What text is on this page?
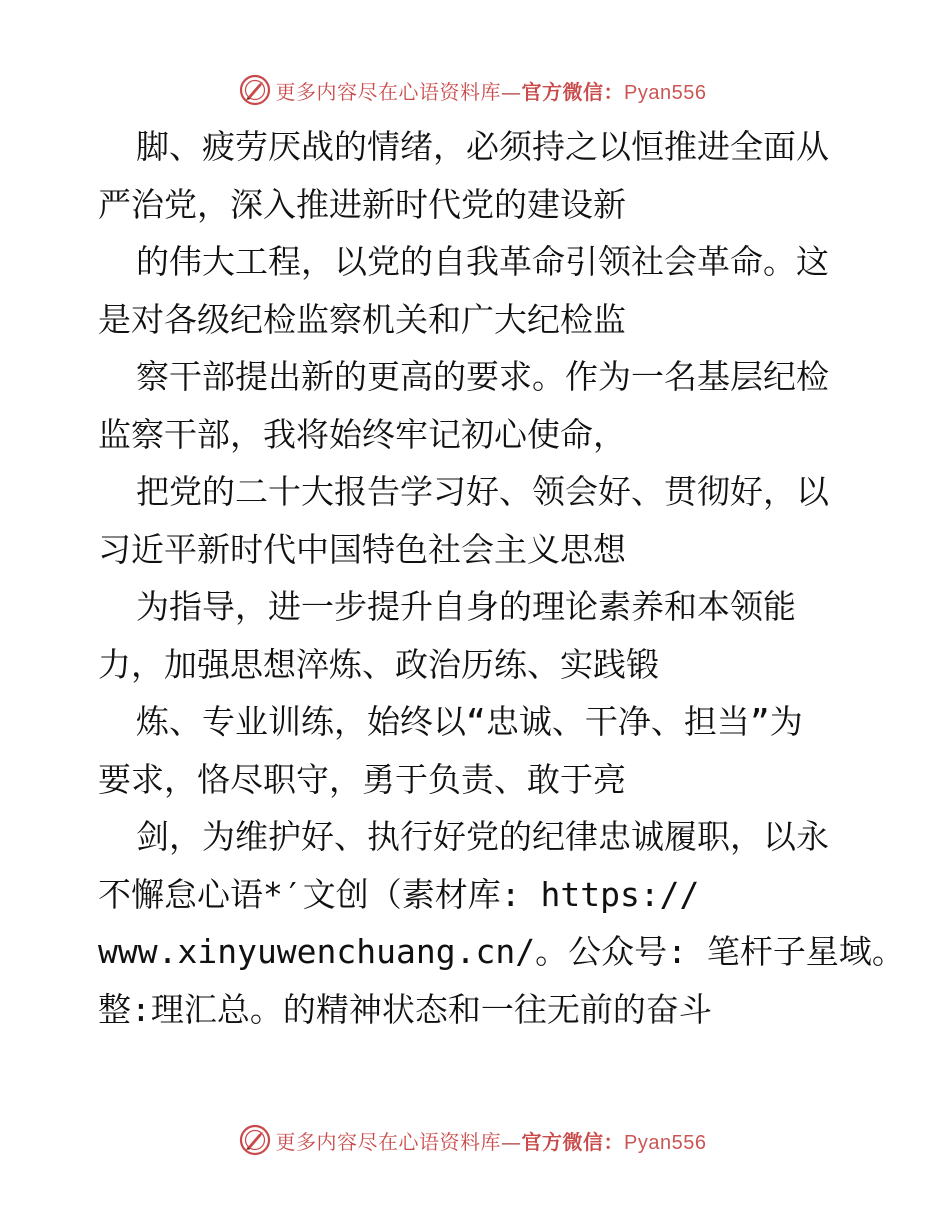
更多内容尽在心语资料库—官方微信：Pyan556
脚、疲劳厌战的情绪，必须持之以恒推进全面从
严治党，深入推进新时代党的建设新
的伟大工程，以党的自我革命引领社会革命。这
是对各级纪检监察机关和广大纪检监
察干部提出新的更高的要求。作为一名基层纪检
监察干部，我将始终牢记初心使命，
把党的二十大报告学习好、领会好、贯彻好，以
习近平新时代中国特色社会主义思想
为指导，进一步提升自身的理论素养和本领能
力，加强思想淬炼、政治历练、实践锻
炼、专业训练，始终以“忠诚、干净、担当”为
要求，恪尽职守，勇于负责、敢于亮
剑，为维护好、执行好党的纪律忠诚履职，以永
不懈怠心语*′文创（素材库: https://
www.xinyuwenchuang.cn/。公众号: 笔杆子星域。
整:理汇总。的精神状态和一往无前的奋斗
更多内容尽在心语资料库—官方微信：Pyan556
